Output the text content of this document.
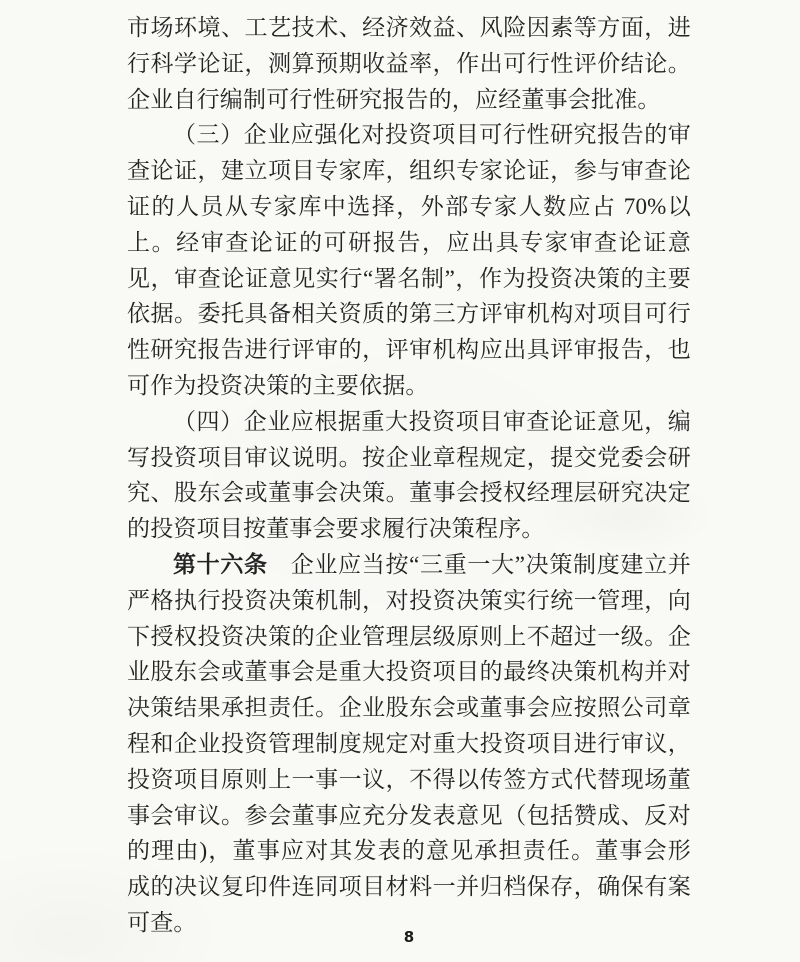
市场环境、工艺技术、经济效益、风险因素等方面，进行科学论证，测算预期收益率，作出可行性评价结论。企业自行编制可行性研究报告的，应经董事会批准。

（三）企业应强化对投资项目可行性研究报告的审查论证，建立项目专家库，组织专家论证，参与审查论证的人员从专家库中选择，外部专家人数应占 70%以上。经审查论证的可研报告，应出具专家审查论证意见，审查论证意见实行“署名制”，作为投资决策的主要依据。委托具备相关资质的第三方评审机构对项目可行性研究报告进行评审的，评审机构应出具评审报告，也可作为投资决策的主要依据。

（四）企业应根据重大投资项目审查论证意见，编写投资项目审议说明。按企业章程规定，提交党委会研究、股东会或董事会决策。董事会授权经理层研究决定的投资项目按董事会要求履行决策程序。

第十六条 企业应当按“三重一大”决策制度建立并严格执行投资决策机制，对投资决策实行统一管理，向下授权投资决策的企业管理层级原则上不超过一级。企业股东会或董事会是重大投资项目的最终决策机构并对决策结果承担责任。企业股东会或董事会应按照公司章程和企业投资管理制度规定对重大投资项目进行审议，投资项目原则上一事一议，不得以传签方式代替现场董事会审议。参会董事应充分发表意见（包括赞成、反对的理由)，董事应对其发表的意见承担责任。董事会形成的决议复印件连同项目材料一并归档保存，确保有案可查。

8
